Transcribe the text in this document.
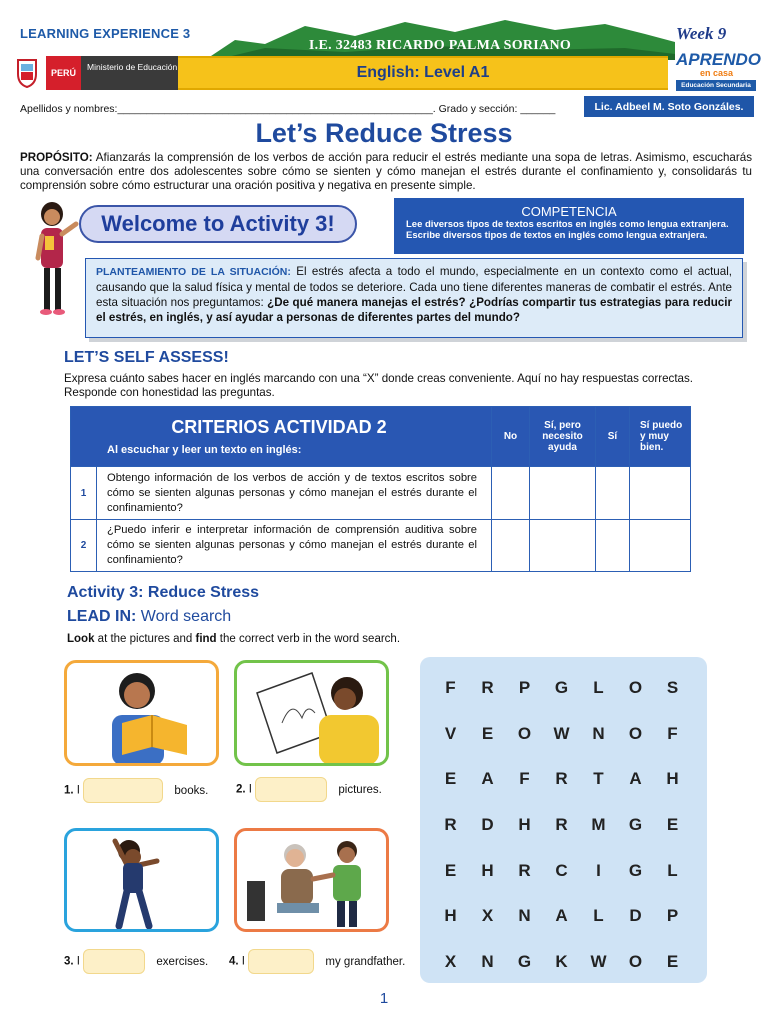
LEARNING EXPERIENCE 3
I.E. 32483 RICARDO PALMA SORIANO
Week 9
PERÚ
Ministerio de Educación	English: Level A1
APRENDO
en casa
Educación Secundaria
Apellidos y nombres:______________________________________________________. Grado y sección: ______	Lic. Adbeel M. Soto Gonzáles.
Let’s Reduce Stress
PROPÓSITO: Afianzarás la comprensión de los verbos de acción para reducir el estrés mediante una sopa de letras. Asimismo, escucharás una conversación entre dos adolescentes sobre cómo se sienten y cómo manejan el estrés durante el confinamiento y, consolidarás tu comprensión sobre cómo estructurar una oración positiva y negativa en presente simple.
Welcome to Activity 3!	COMPETENCIA

Lee diversos tipos de textos escritos en inglés como lengua extranjera.

Escribe diversos tipos de textos en inglés como lengua extranjera.

PLANTEAMIENTO DE LA SITUACIÓN: El estrés afecta a todo el mundo, especialmente en un contexto como el actual, causando que la salud física y mental de todos se deteriore. Cada uno tiene diferentes maneras de combatir el estrés. Ante esta situación nos preguntamos: ¿De qué manera manejas el estrés? ¿Podrías compartir tus estrategias para reducir el estrés, en inglés, y así ayudar a personas de diferentes partes del mundo?
LET’S SELF ASSESS!
Expresa cuánto sabes hacer en inglés marcando con una “X” donde creas conveniente. Aquí no hay respuestas correctas. Responde con honestidad las preguntas.
CRITERIOS ACTIVIDAD 2
Al escuchar y leer un texto en inglés:		No	Sí, pero necesito ayuda	Sí	Sí puedo y muy bien.
1	Obtengo información de los verbos de acción y de textos escritos sobre cómo se sienten algunas personas y cómo manejan el estrés durante el confinamiento?				
2	¿Puedo inferir e interpretar información de comprensión auditiva sobre cómo se sienten algunas personas y cómo manejan el estrés durante el confinamiento?				
Activity 3: Reduce Stress
LEAD IN: Word search
Look at the pictures and find the correct verb in the word search.
1. I	books. 2. I	pictures.
3. I	exercises. 4. I	my grandfather.
F	R	P	G	L	O	S
V	E	O	W	N	O	F
E	A	F	R	T	A	H
R	D	H	R	M	G	E
E	H	R	C	I	G	L
H	X	N	A	L	D	P
X	N	G	K	W	O	E
1
